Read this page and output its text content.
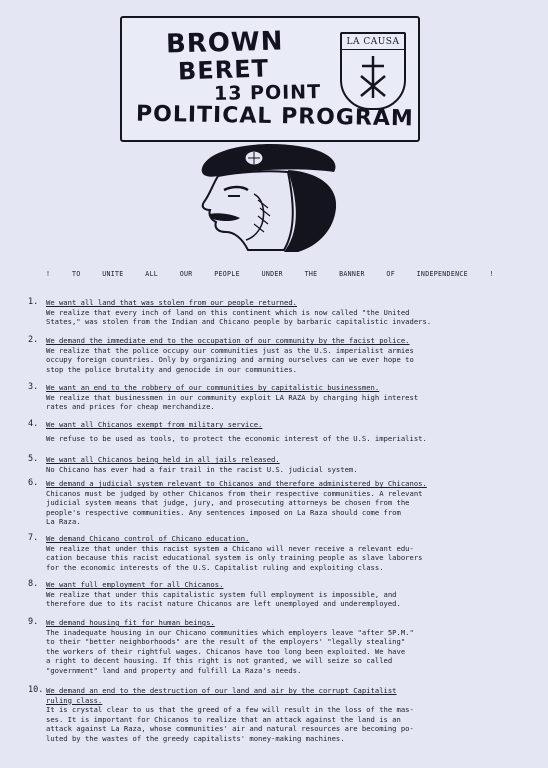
BROWN
BERET
13 POINT
POLITICAL PROGRAM
LA CAUSA
!	TO	UNITE	ALL	OUR	PEOPLE	UNDER	THE	BANNER	OF	INDEPENDENCE	!
1. We want all land that was stolen from our people returned.
We realize that every inch of land on this continent which is now called "the United
States," was stolen from the Indian and Chicano people by barbaric capitalistic invaders.
2. We demand the immediate end to the occupation of our community by the facist police.
We realize that the police occupy our communities just as the U.S. imperialist armies
occupy foreign countries. Only by organizing and arming ourselves can we ever hope to
stop the police brutality and genocide in our communities.
3. We want an end to the robbery of our communities by capitalistic businessmen.
We realize that businessmen in our community exploit LA RAZA by charging high interest
rates and prices for cheap merchandize.
4. We want all Chicanos exempt from military service.
We refuse to be used as tools, to protect the economic interest of the U.S. imperialist.
5. We want all Chicanos being held in all jails released.
No Chicano has ever had a fair trail in the racist U.S. judicial system.
6. We demand a judicial system relevant to Chicanos and therefore administered by Chicanos.
Chicanos must be judged by other Chicanos from their respective communities. A relevant
judicial system means that judge, jury, and prosecuting attorneys be chosen from the
people's respective communities. Any sentences imposed on La Raza should come from
La Raza.
7. We demand Chicano control of Chicano education.
We realize that under this racist system a Chicano will never receive a relevant edu-
cation because this racist educational system is only training people as slave laborers
for the economic interests of the U.S. Capitalist ruling and exploiting class.
8. We want full employment for all Chicanos.
We realize that under this capitalistic system full employment is impossible, and
therefore due to its racist nature Chicanos are left unemployed and underemployed.
9. We demand housing fit for human beings.
The inadequate housing in our Chicano communities which employers leave "after 5P.M."
to their "better neighborhoods" are the result of the employers' "legally stealing"
the workers of their rightful wages. Chicanos have too long been exploited. We have
a right to decent housing. If this right is not granted, we will seize so called
"government" land and property and fulfill La Raza's needs.
10. We demand an end to the destruction of our land and air by the corrupt Capitalist
ruling class.
It is crystal clear to us that the greed of a few will result in the loss of the mas-
ses. It is important for Chicanos to realize that an attack against the land is an
attack against La Raza, whose communities' air and natural resources are becoming po-
luted by the wastes of the greedy capitalists' money-making machines.
